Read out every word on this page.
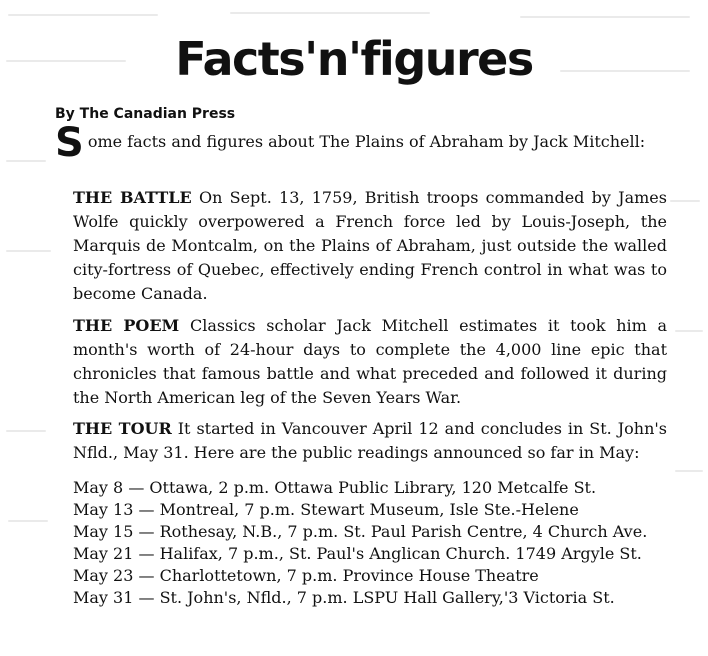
Facts'n'figures
By The Canadian Press
S ome facts and figures about The Plains of Abraham by Jack Mitchell:

THE BATTLE On Sept. 13, 1759, British troops commanded by James Wolfe quickly overpowered a French force led by Louis-Joseph, the Marquis de Montcalm, on the Plains of Abraham, just outside the walled city-fortress of Quebec, effectively ending French control in what was to become Canada.

THE POEM Classics scholar Jack Mitchell estimates it took him a month's worth of 24-hour days to complete the 4,000 line epic that chronicles that famous battle and what preceded and followed it during the North American leg of the Seven Years War.

THE TOUR It started in Vancouver April 12 and concludes in St. John's Nfld., May 31. Here are the public readings announced so far in May:

May 8 — Ottawa, 2 p.m. Ottawa Public Library, 120 Metcalfe St.
May 13 — Montreal, 7 p.m. Stewart Museum, Isle Ste.-Helene
May 15 — Rothesay, N.B., 7 p.m. St. Paul Parish Centre, 4 Church Ave.
May 21 — Halifax, 7 p.m., St. Paul's Anglican Church. 1749 Argyle St.
May 23 — Charlottetown, 7 p.m. Province House Theatre
May 31 — St. John's, Nfld., 7 p.m. LSPU Hall Gallery,'3 Victoria St.
